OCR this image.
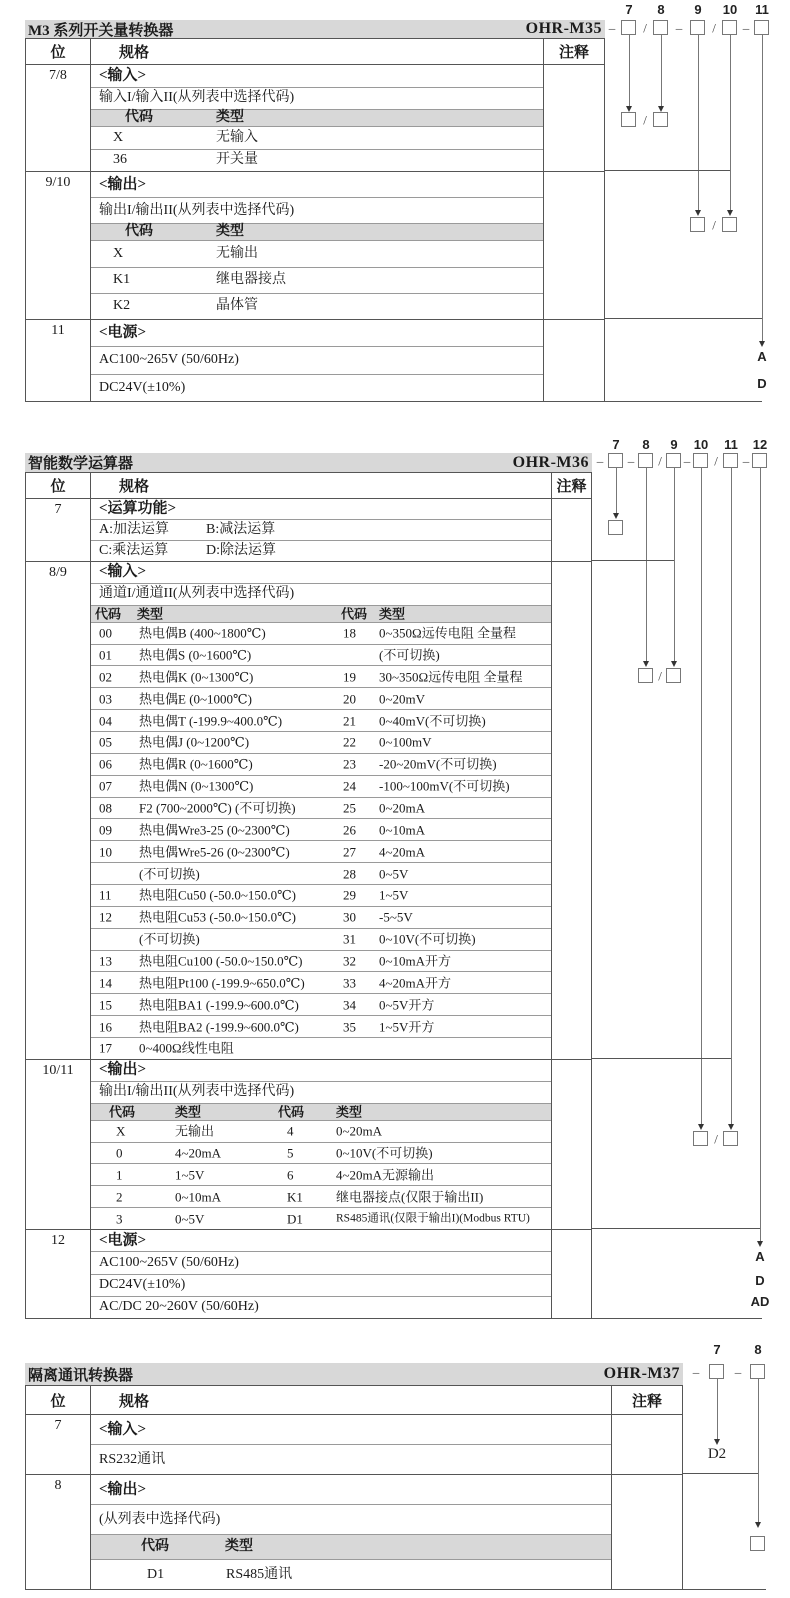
M3 系列开关量转换器	OHR-M35
位	规格	注释
7/8	<输入>
输入I/输入II(从列表中选择代码)
代码	类型
X	无输入
36	开关量
9/10	<输出>
输出I/输出II(从列表中选择代码)
代码	类型
X	无输出
K1	继电器接点
K2	晶体管
11	<电源>
AC100~265V (50/60Hz)
DC24V(±10%)
智能数学运算器	OHR-M36
位	规格	注释
7	<运算功能>
A:加法运算	B:减法运算
C:乘法运算	D:除法运算
8/9	<输入>
通道I/通道II(从列表中选择代码)
代码 类型	代码 类型
00 热电偶B (400~1800℃)	18 0~350Ω远传电阻 全量程
01 热电偶S (0~1600℃)	(不可切换)
02 热电偶K (0~1300℃)	19 30~350Ω远传电阻 全量程
03 热电偶E (0~1000℃)	20 0~20mV
04 热电偶T (-199.9~400.0℃)	21 0~40mV(不可切换)
05 热电偶J (0~1200℃)	22 0~100mV
06 热电偶R (0~1600℃)	23 -20~20mV(不可切换)
07 热电偶N (0~1300℃)	24 -100~100mV(不可切换)
08 F2 (700~2000℃) (不可切换)	25 0~20mA
09 热电偶Wre3-25 (0~2300℃)	26 0~10mA
10 热电偶Wre5-26 (0~2300℃)	27 4~20mA
(不可切换)	28 0~5V
11 热电阻Cu50 (-50.0~150.0℃)	29 1~5V
12 热电阻Cu53 (-50.0~150.0℃)	30 -5~5V
(不可切换)	31 0~10V(不可切换)
13 热电阻Cu100 (-50.0~150.0℃)	32 0~10mA开方
14 热电阻Pt100 (-199.9~650.0℃)	33 4~20mA开方
15 热电阻BA1 (-199.9~600.0℃)	34 0~5V开方
16 热电阻BA2 (-199.9~600.0℃)	35 1~5V开方
17 0~400Ω线性电阻
10/11	<输出>
输出I/输出II(从列表中选择代码)
代码	类型	代码 类型
X	无输出	4	0~20mA
0	4~20mA	5	0~10V(不可切换)
1	1~5V	6	4~20mA无源输出
2	0~10mA	K1	继电器接点(仅限于输出II)
3	0~5V	D1	RS485通讯(仅限于输出I)(Modbus RTU)
12	<电源>
AC100~265V (50/60Hz)
DC24V(±10%)
AC/DC 20~260V (50/60Hz)
隔离通讯转换器	OHR-M37
位	规格	注释
7	<输入>
RS232通讯
8	<输出>
(从列表中选择代码)
代码	类型
D1	RS485通讯
7 8 9 10 11
– / – / –
/
/
A
D
7 8 9 10 11 12
– – / – / –
/
/
A
D
AD
7	8
–	–
D2
